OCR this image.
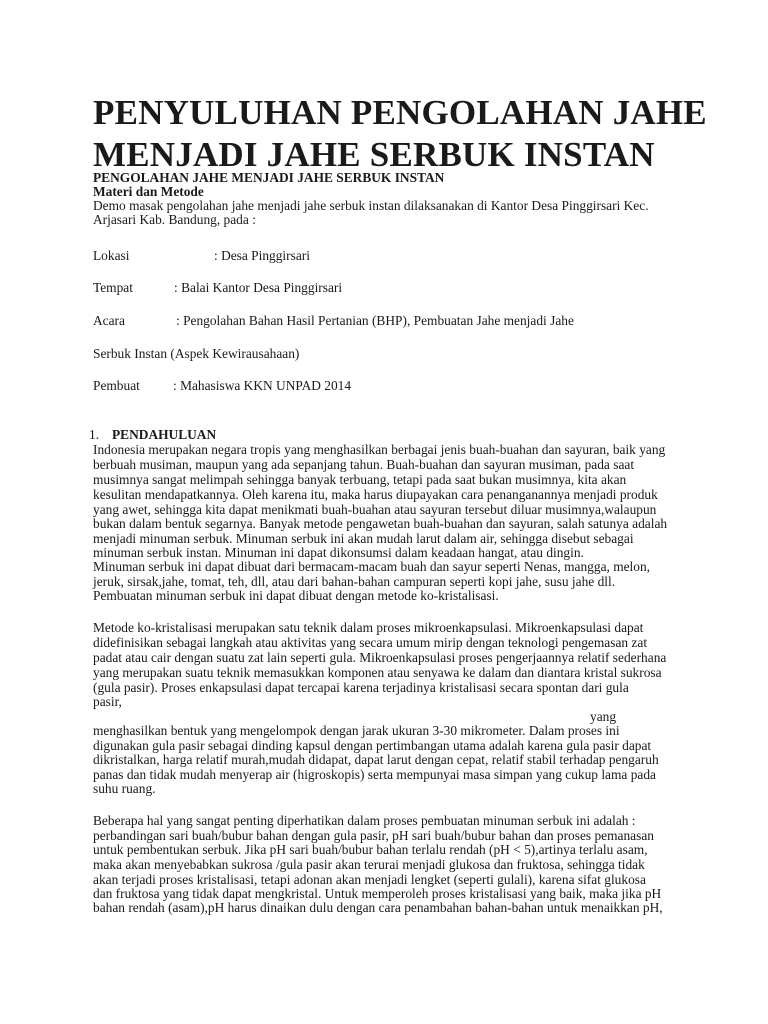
PENYULUHAN PENGOLAHAN JAHE
MENJADI JAHE SERBUK INSTAN
PENGOLAHAN JAHE MENJADI JAHE SERBUK INSTAN
Materi dan Metode
Demo masak pengolahan jahe menjadi jahe serbuk instan dilaksanakan di Kantor Desa Pinggirsari Kec.
Arjasari Kab. Bandung, pada :
Lokasi	: Desa Pinggirsari
Tempat	: Balai Kantor Desa Pinggirsari
Acara	: Pengolahan Bahan Hasil Pertanian (BHP), Pembuatan Jahe menjadi Jahe
Serbuk Instan (Aspek Kewirausahaan)
Pembuat : Mahasiswa KKN UNPAD 2014
1. PENDAHULUAN
Indonesia merupakan negara tropis yang menghasilkan berbagai jenis buah-buahan dan sayuran, baik yang
berbuah musiman, maupun yang ada sepanjang tahun. Buah-buahan dan sayuran musiman, pada saat
musimnya sangat melimpah sehingga banyak terbuang, tetapi pada saat bukan musimnya, kita akan
kesulitan mendapatkannya. Oleh karena itu, maka harus diupayakan cara penanganannya menjadi produk
yang awet, sehingga kita dapat menikmati buah-buahan atau sayuran tersebut diluar musimnya,walaupun
bukan dalam bentuk segarnya. Banyak metode pengawetan buah-buahan dan sayuran, salah satunya adalah
menjadi minuman serbuk. Minuman serbuk ini akan mudah larut dalam air, sehingga disebut sebagai
minuman serbuk instan. Minuman ini dapat dikonsumsi dalam keadaan hangat, atau dingin.
Minuman serbuk ini dapat dibuat dari bermacam-macam buah dan sayur seperti Nenas, mangga, melon,
jeruk, sirsak,jahe, tomat, teh, dll, atau dari bahan-bahan campuran seperti kopi jahe, susu jahe dll.
Pembuatan minuman serbuk ini dapat dibuat dengan metode ko-kristalisasi.
Metode ko-kristalisasi merupakan satu teknik dalam proses mikroenkapsulasi. Mikroenkapsulasi dapat
didefinisikan sebagai langkah atau aktivitas yang secara umum mirip dengan teknologi pengemasan zat
padat atau cair dengan suatu zat lain seperti gula. Mikroenkapsulasi proses pengerjaannya relatif sederhana
yang merupakan suatu teknik memasukkan komponen atau senyawa ke dalam dan diantara kristal sukrosa
(gula pasir). Proses enkapsulasi dapat tercapai karena terjadinya kristalisasi secara spontan dari gula
pasir,
yang
menghasilkan bentuk yang mengelompok dengan jarak ukuran 3-30 mikrometer. Dalam proses ini
digunakan gula pasir sebagai dinding kapsul dengan pertimbangan utama adalah karena gula pasir dapat
dikristalkan, harga relatif murah,mudah didapat, dapat larut dengan cepat, relatif stabil terhadap pengaruh
panas dan tidak mudah menyerap air (higroskopis) serta mempunyai masa simpan yang cukup lama pada
suhu ruang.
Beberapa hal yang sangat penting diperhatikan dalam proses pembuatan minuman serbuk ini adalah :
perbandingan sari buah/bubur bahan dengan gula pasir, pH sari buah/bubur bahan dan proses pemanasan
untuk pembentukan serbuk. Jika pH sari buah/bubur bahan terlalu rendah (pH < 5),artinya terlalu asam,
maka akan menyebabkan sukrosa /gula pasir akan terurai menjadi glukosa dan fruktosa, sehingga tidak
akan terjadi proses kristalisasi, tetapi adonan akan menjadi lengket (seperti gulali), karena sifat glukosa
dan fruktosa yang tidak dapat mengkristal. Untuk memperoleh proses kristalisasi yang baik, maka jika pH
bahan rendah (asam),pH harus dinaikan dulu dengan cara penambahan bahan-bahan untuk menaikkan pH,
